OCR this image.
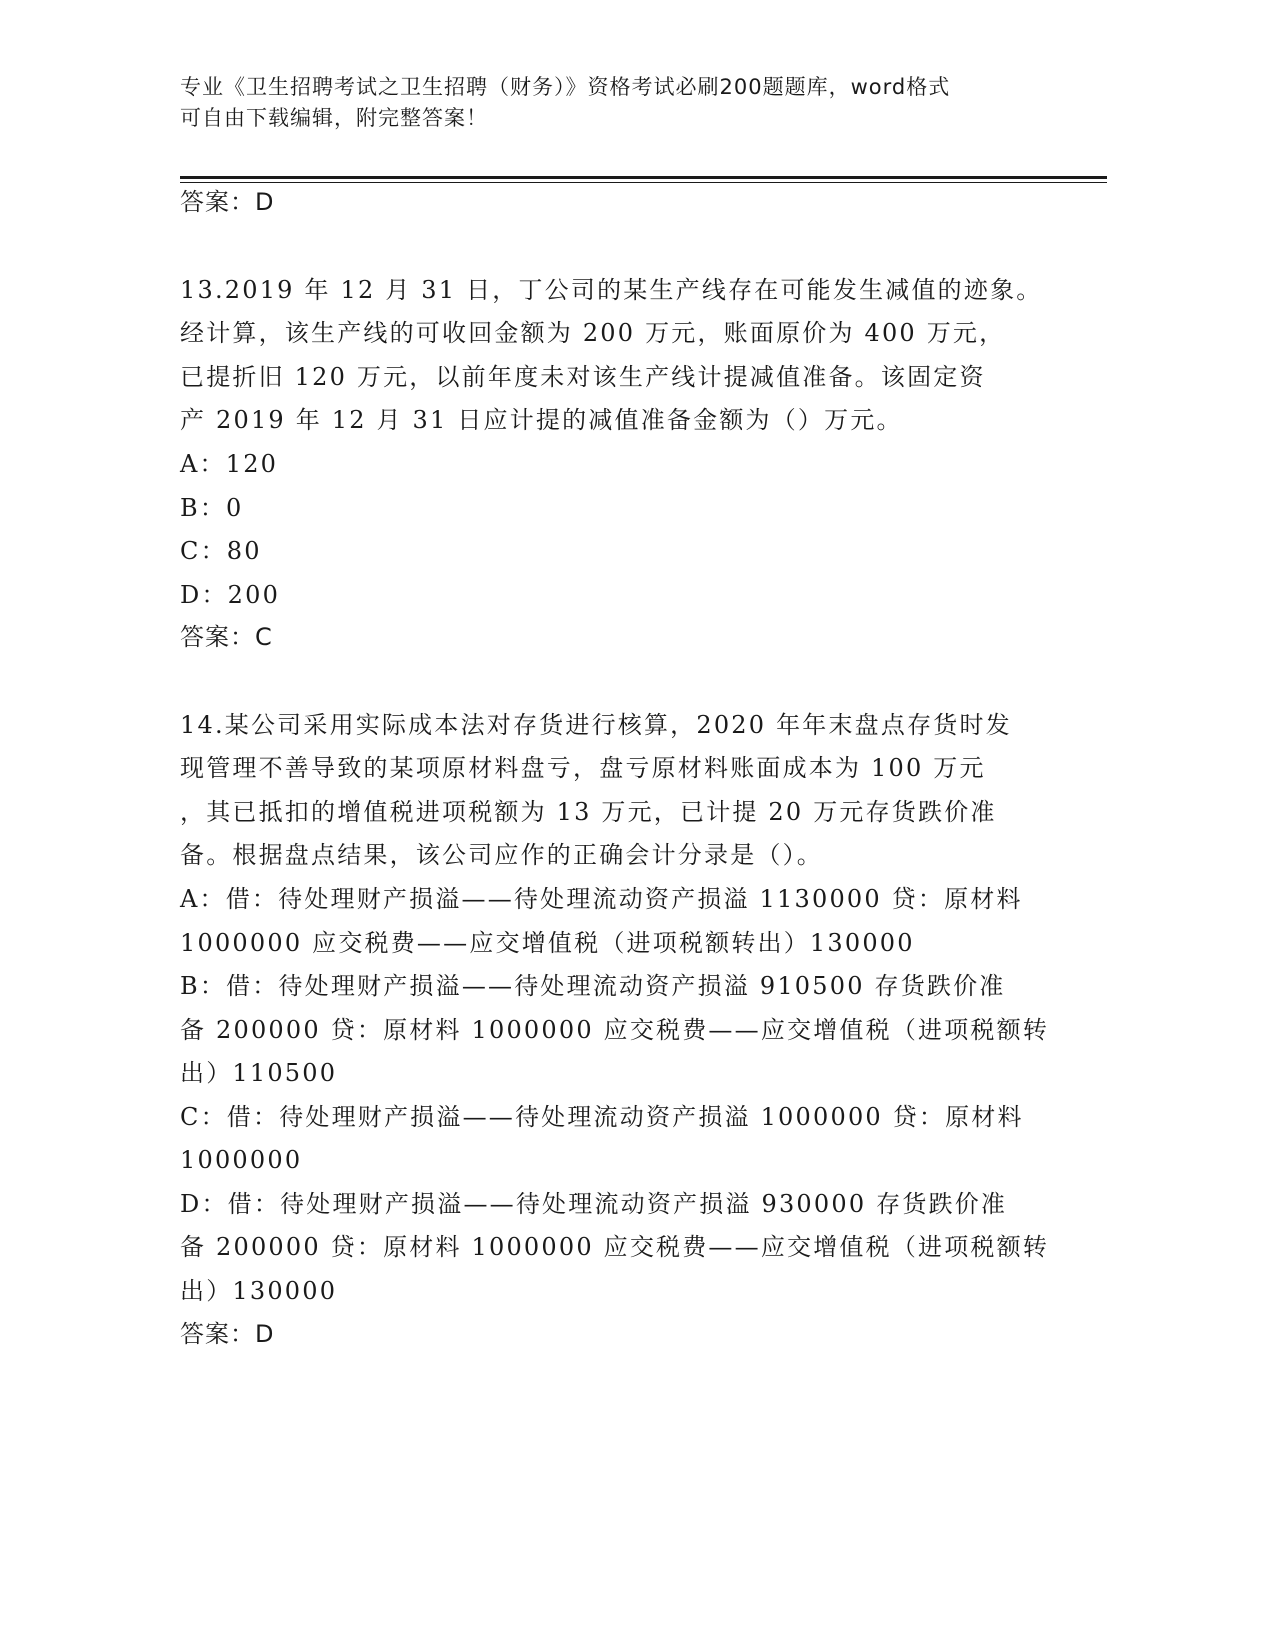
专业《卫生招聘考试之卫生招聘（财务）》资格考试必刷200题题库，word格式
可自由下载编辑，附完整答案！
答案：D
13.2019 年 12 月 31 日，丁公司的某生产线存在可能发生减值的迹象。
经计算，该生产线的可收回金额为 200 万元，账面原价为 400 万元，
已提折旧 120 万元，以前年度未对该生产线计提减值准备。该固定资
产 2019 年 12 月 31 日应计提的减值准备金额为（）万元。
A：120
B：0
C：80
D：200
答案：C
14.某公司采用实际成本法对存货进行核算，2020 年年末盘点存货时发
现管理不善导致的某项原材料盘亏，盘亏原材料账面成本为 100 万元
，其已抵扣的增值税进项税额为 13 万元，已计提 20 万元存货跌价准
备。根据盘点结果，该公司应作的正确会计分录是（）。
A：借：待处理财产损溢——待处理流动资产损溢 1130000 贷：原材料
1000000 应交税费——应交增值税（进项税额转出）130000
B：借：待处理财产损溢——待处理流动资产损溢 910500 存货跌价准
备 200000 贷：原材料 1000000 应交税费——应交增值税（进项税额转
出）110500
C：借：待处理财产损溢——待处理流动资产损溢 1000000 贷：原材料
1000000
D：借：待处理财产损溢——待处理流动资产损溢 930000 存货跌价准
备 200000 贷：原材料 1000000 应交税费——应交增值税（进项税额转
出）130000
答案：D
